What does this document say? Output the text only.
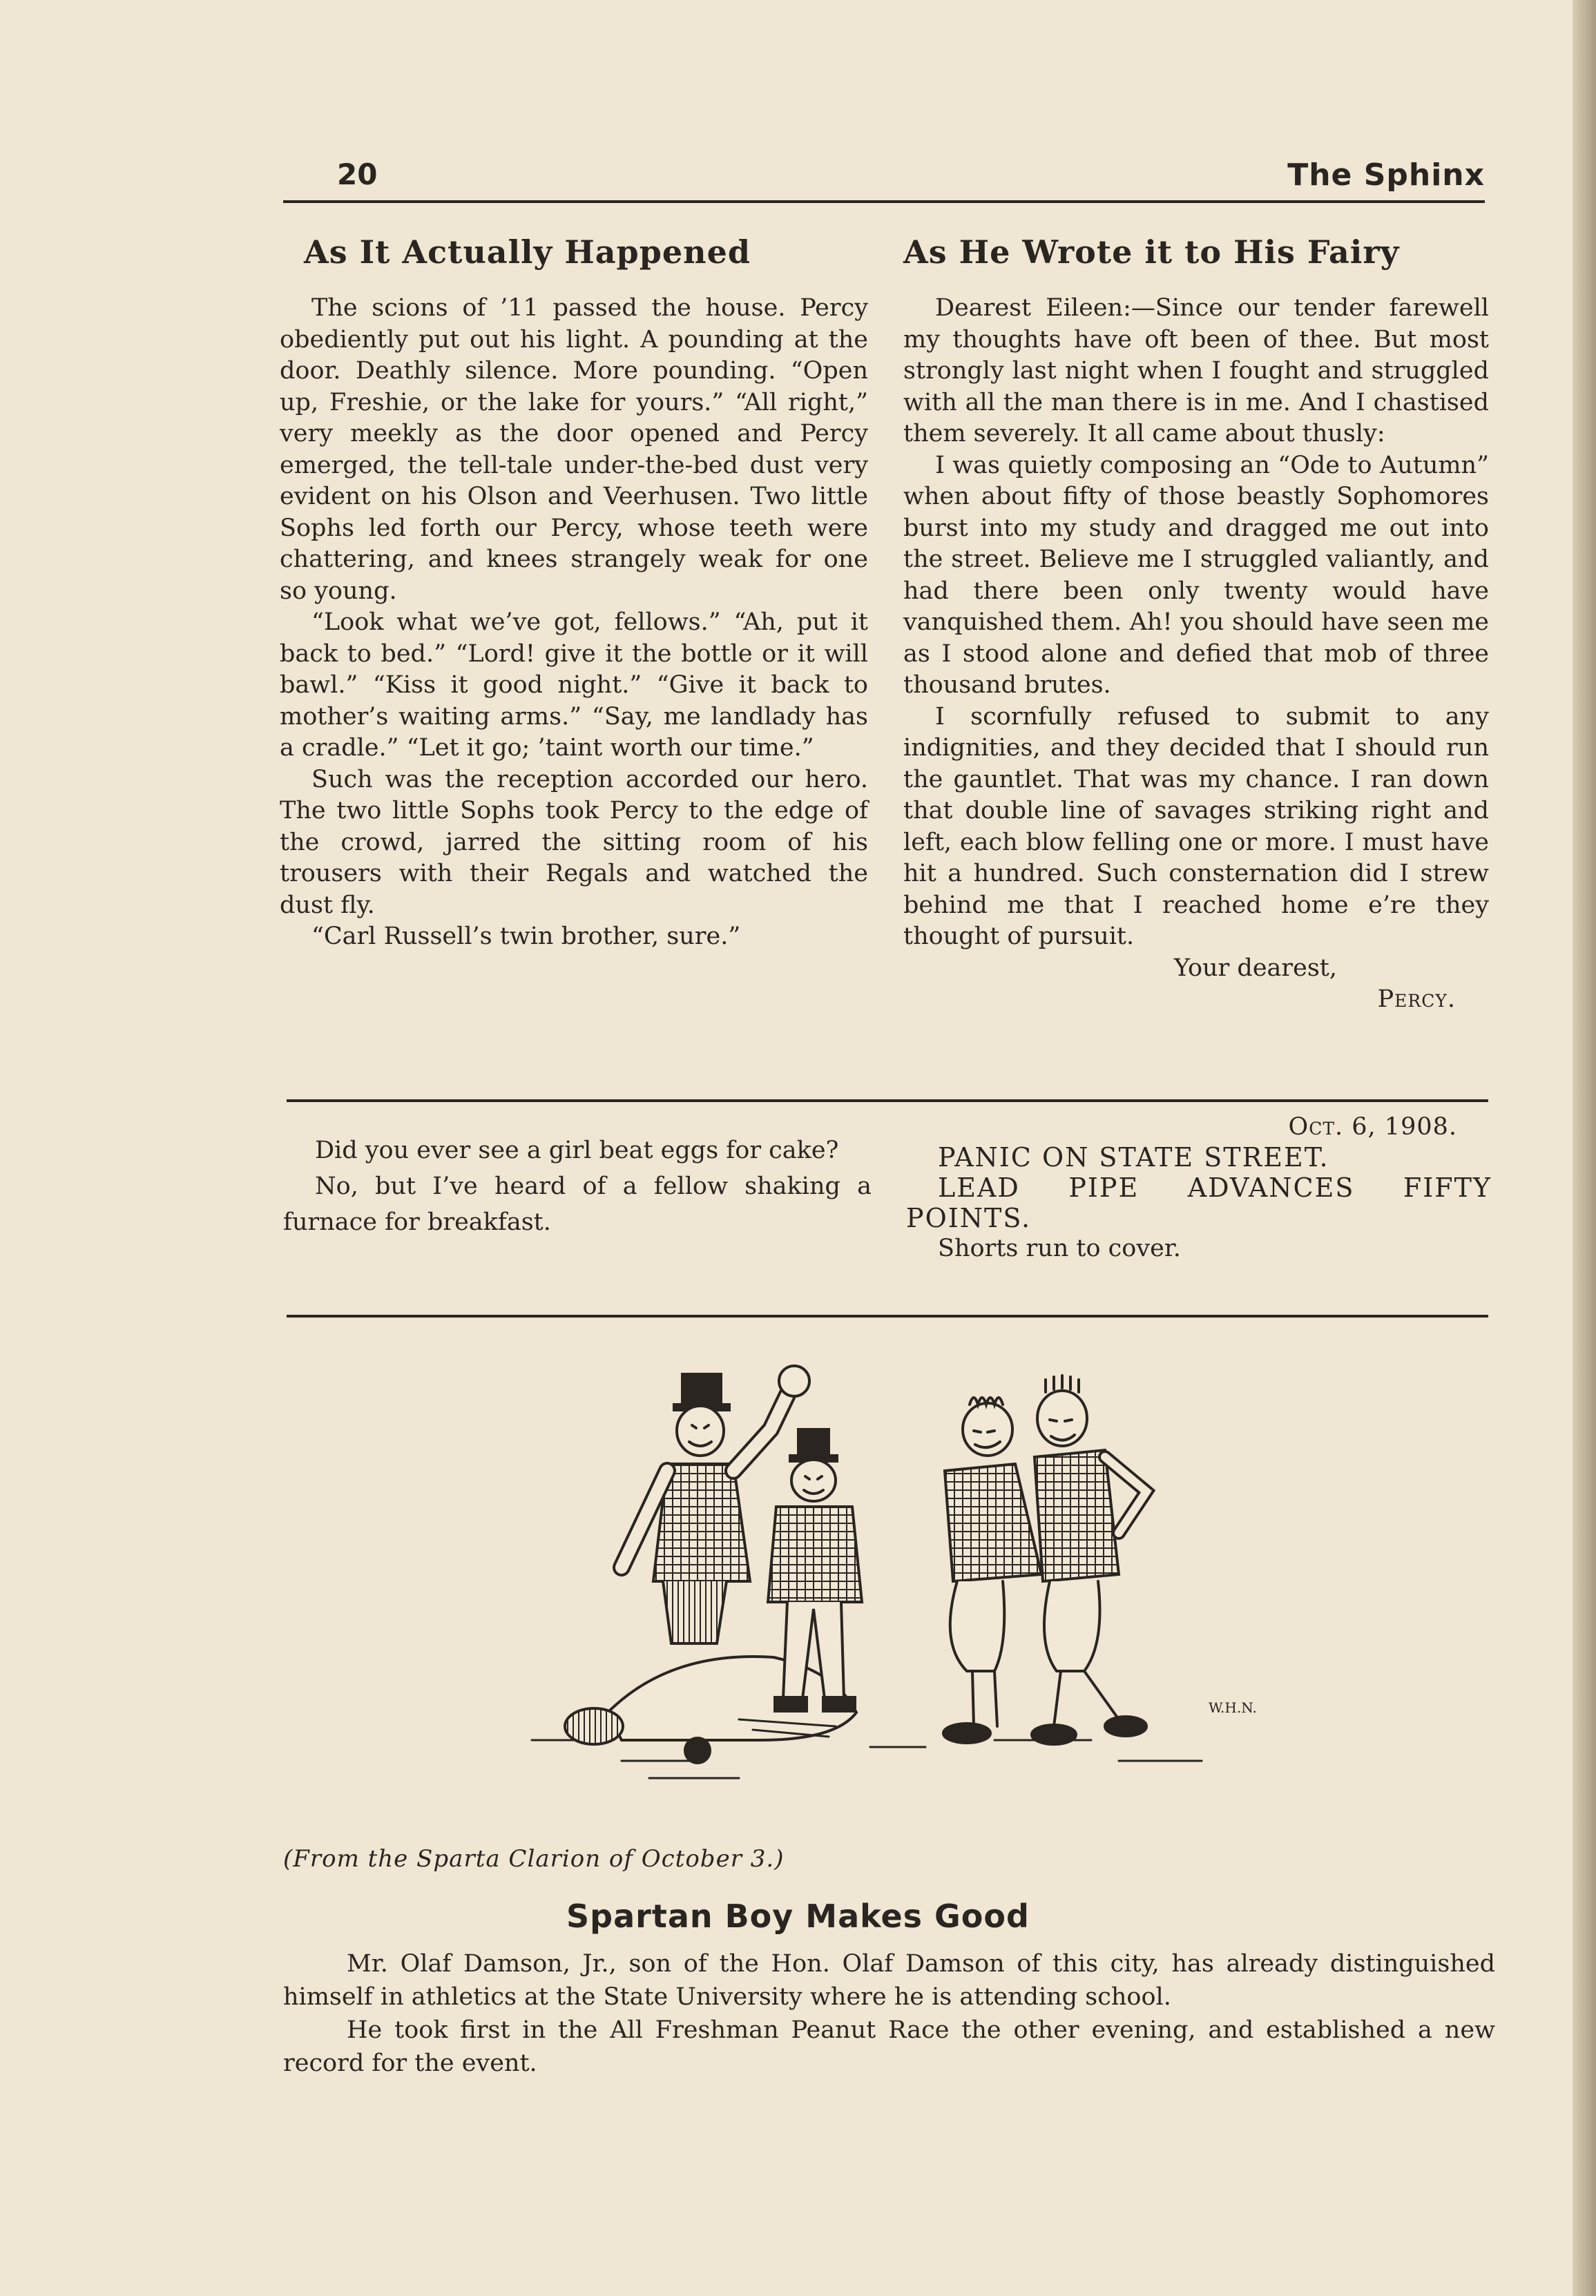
20	The Sphinx
As It Actually Happened

The scions of ’11 passed the house. Percy obediently put out his light. A pounding at the door. Deathly silence. More pounding. “Open up, Freshie, or the lake for yours.” “All right,” very meekly as the door opened and Percy emerged, the tell-tale under-the-bed dust very evident on his Olson and Veerhusen. Two little Sophs led forth our Percy, whose teeth were chattering, and knees strangely weak for one so young.

“Look what we’ve got, fellows.” “Ah, put it back to bed.” “Lord! give it the bottle or it will bawl.” “Kiss it good night.” “Give it back to mother’s waiting arms.” “Say, me landlady has a cradle.” “Let it go; ’taint worth our time.”

Such was the reception accorded our hero. The two little Sophs took Percy to the edge of the crowd, jarred the sitting room of his trousers with their Regals and watched the dust fly.

“Carl Russell’s twin brother, sure.”

As He Wrote it to His Fairy

Dearest Eileen:—Since our tender farewell my thoughts have oft been of thee. But most strongly last night when I fought and struggled with all the man there is in me. And I chastised them severely. It all came about thusly:

I was quietly composing an “Ode to Autumn” when about fifty of those beastly Sophomores burst into my study and dragged me out into the street. Believe me I struggled valiantly, and had there been only twenty would have vanquished them. Ah! you should have seen me as I stood alone and defied that mob of three thousand brutes.

I scornfully refused to submit to any indignities, and they decided that I should run the gauntlet. That was my chance. I ran down that double line of savages striking right and left, each blow felling one or more. I must have hit a hundred. Such consternation did I strew behind me that I reached home e’re they thought of pursuit.

Your dearest,
Percy.

Did you ever see a girl beat eggs for cake?

No, but I’ve heard of a fellow shaking a furnace for breakfast.

Oct. 6, 1908.
PANIC ON STATE STREET.
LEAD PIPE ADVANCES FIFTY POINTS.
Shorts run to cover.
W.H.N.
(From the Sparta Clarion of October 3.)
Spartan Boy Makes Good

Mr. Olaf Damson, Jr., son of the Hon. Olaf Damson of this city, has already distinguished himself in athletics at the State University where he is attending school.

He took first in the All Freshman Peanut Race the other evening, and established a new record for the event.
